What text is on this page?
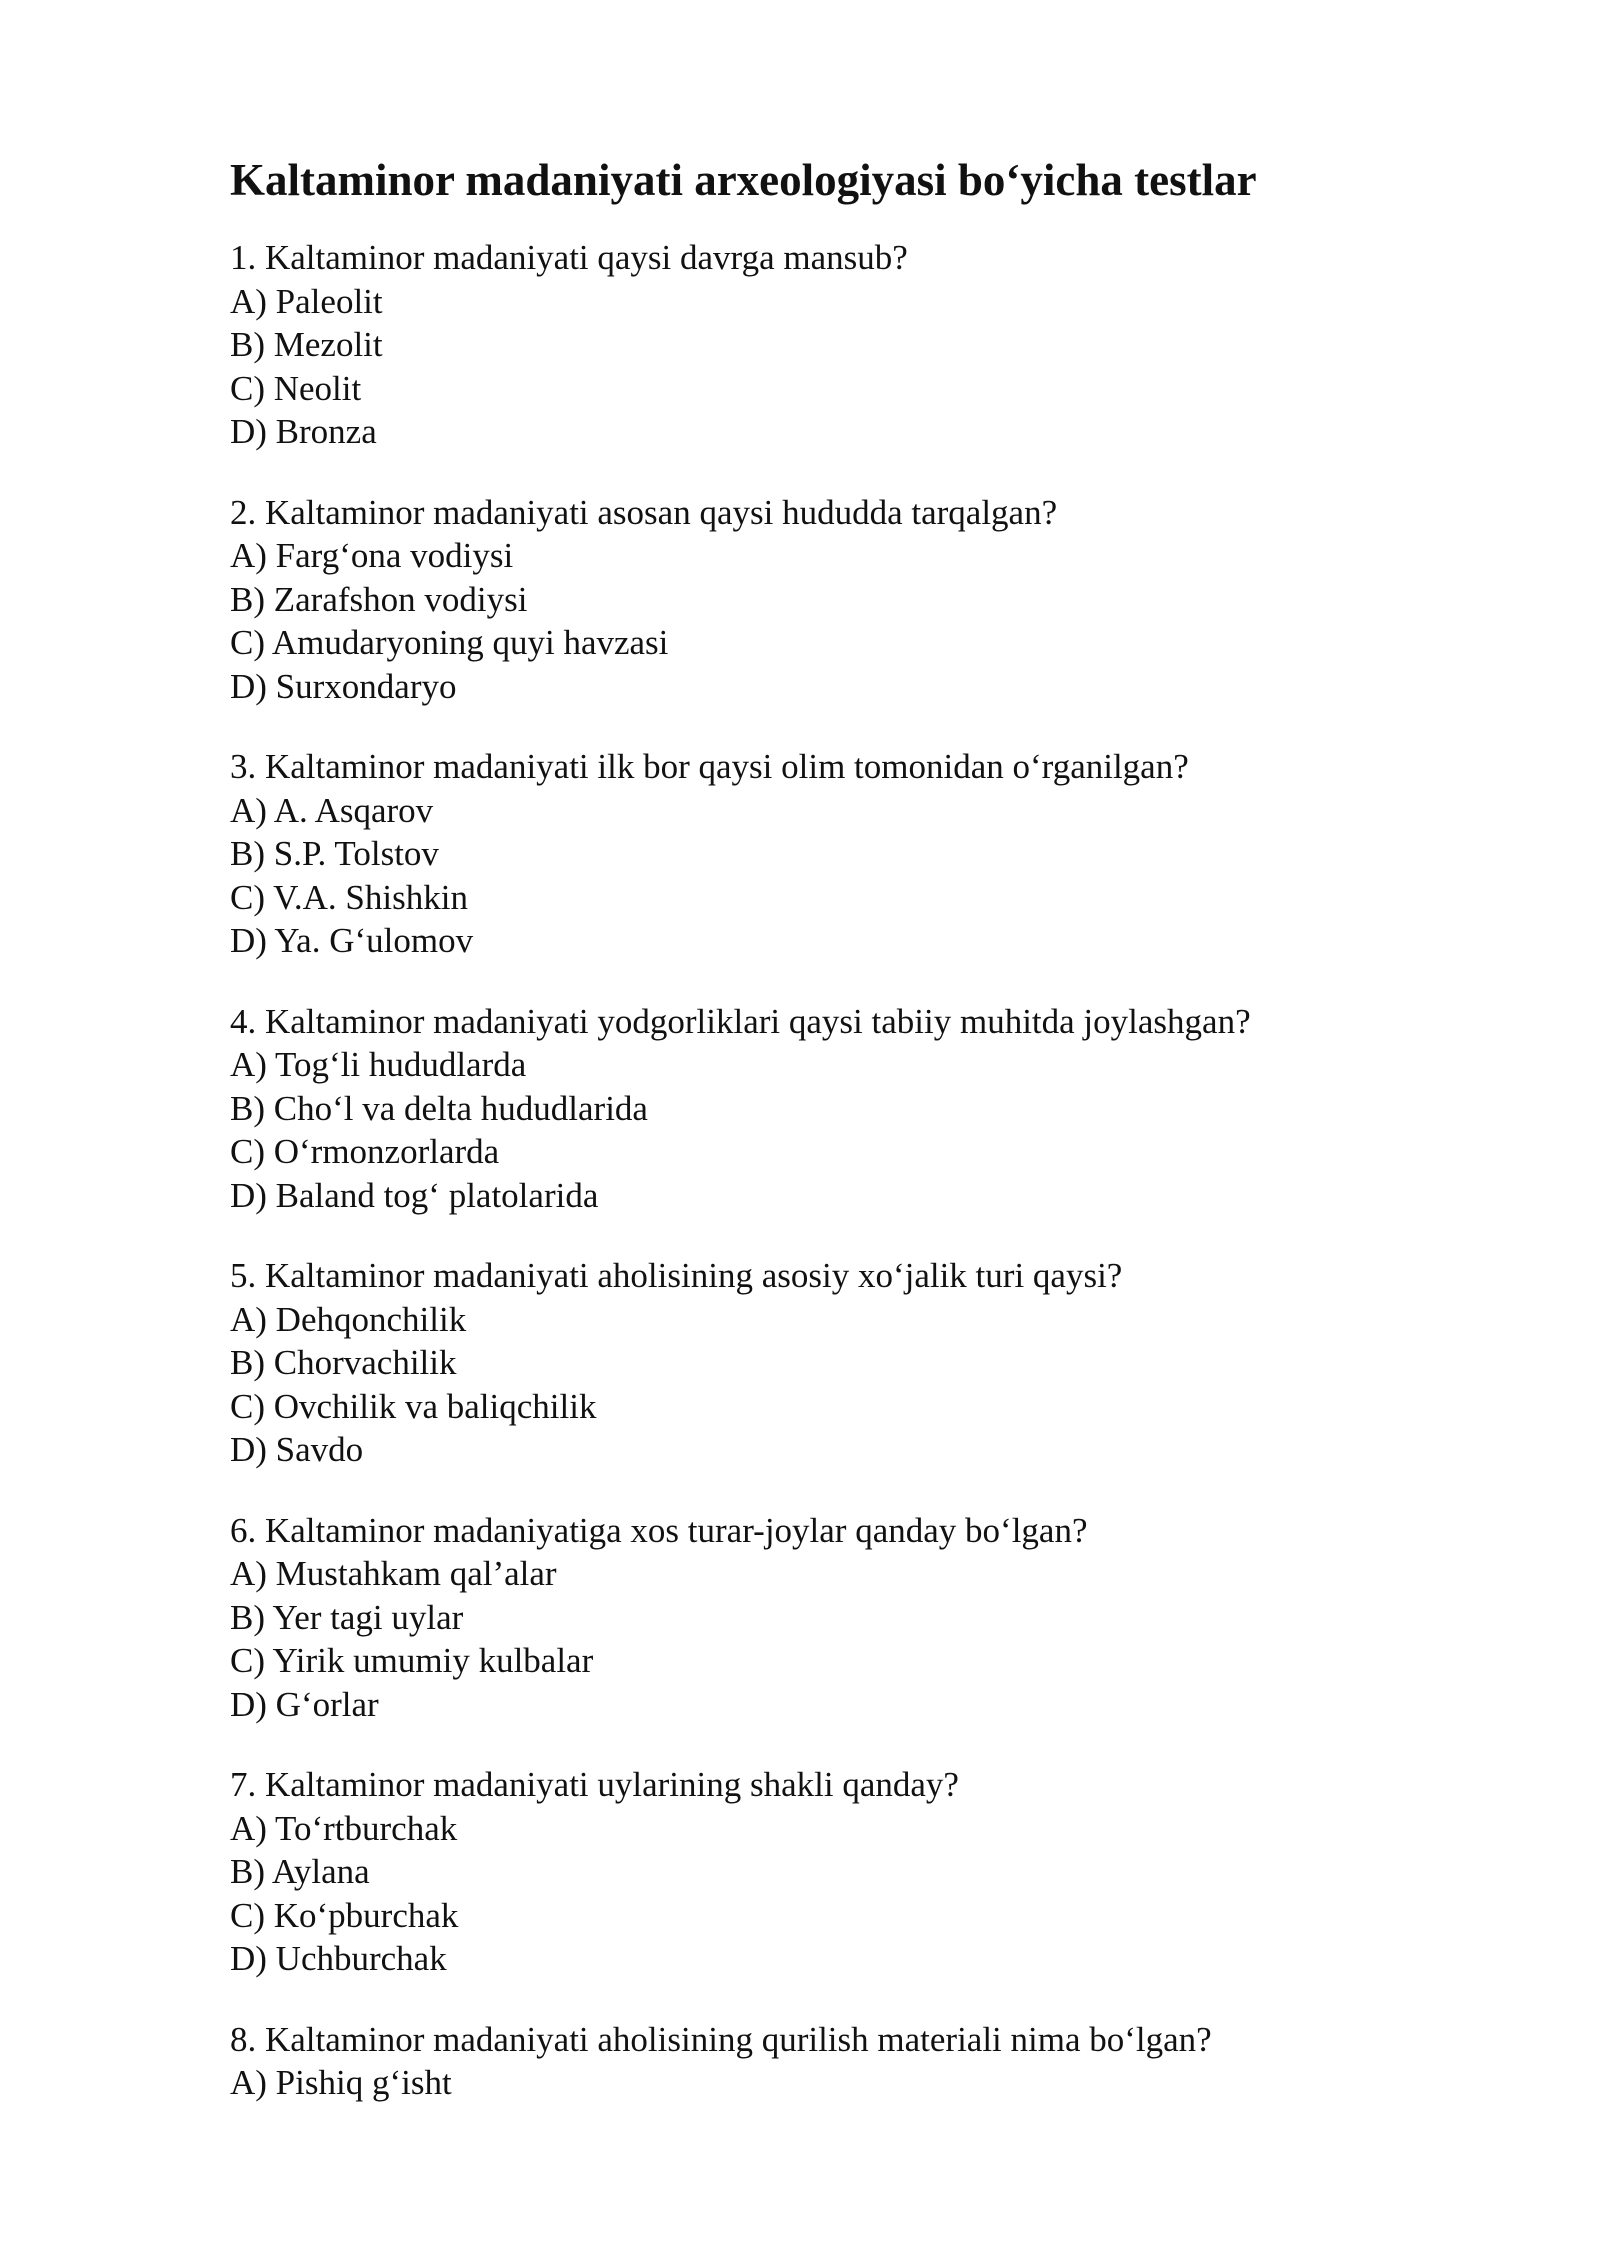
Kaltaminor madaniyati arxeologiyasi bo‘yicha testlar

1. Kaltaminor madaniyati qaysi davrga mansub?

A) Paleolit

B) Mezolit

C) Neolit

D) Bronza

2. Kaltaminor madaniyati asosan qaysi hududda tarqalgan?

A) Farg‘ona vodiysi

B) Zarafshon vodiysi

C) Amudaryoning quyi havzasi

D) Surxondaryo

3. Kaltaminor madaniyati ilk bor qaysi olim tomonidan o‘rganilgan?

A) A. Asqarov

B) S.P. Tolstov

C) V.A. Shishkin

D) Ya. G‘ulomov

4. Kaltaminor madaniyati yodgorliklari qaysi tabiiy muhitda joylashgan?

A) Tog‘li hududlarda

B) Cho‘l va delta hududlarida

C) O‘rmonzorlarda

D) Baland tog‘ platolarida

5. Kaltaminor madaniyati aholisining asosiy xo‘jalik turi qaysi?

A) Dehqonchilik

B) Chorvachilik

C) Ovchilik va baliqchilik

D) Savdo

6. Kaltaminor madaniyatiga xos turar-joylar qanday bo‘lgan?

A) Mustahkam qal’alar

B) Yer tagi uylar

C) Yirik umumiy kulbalar

D) G‘orlar

7. Kaltaminor madaniyati uylarining shakli qanday?

A) To‘rtburchak

B) Aylana

C) Ko‘pburchak

D) Uchburchak

8. Kaltaminor madaniyati aholisining qurilish materiali nima bo‘lgan?

A) Pishiq g‘isht
